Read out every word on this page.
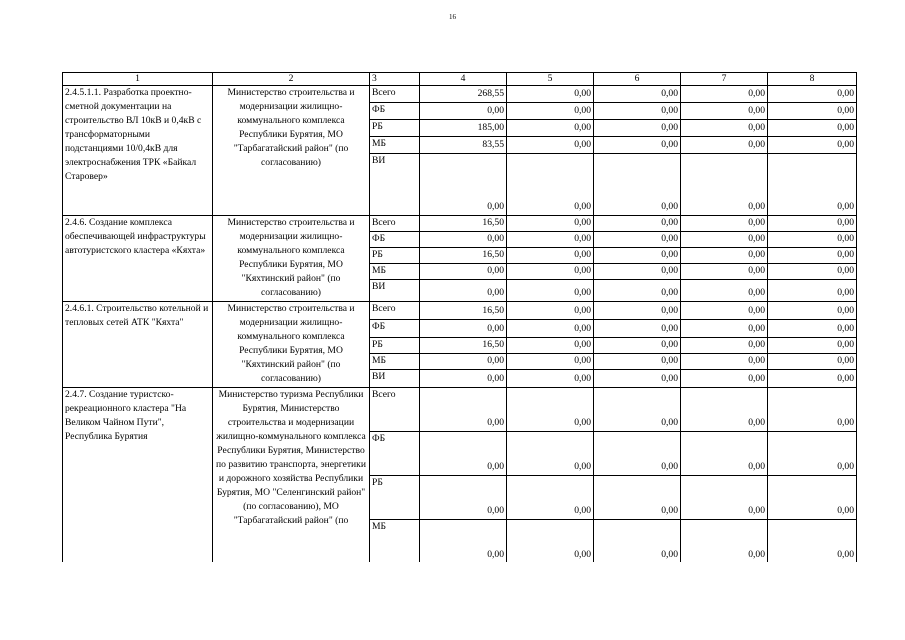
16
1	2	3	4	5	6	7	8
2.4.5.1.1. Разработка проектно-сметной документации на строительство ВЛ 10кВ и 0,4кВ с трансформаторными подстанциями 10/0,4кВ для электроснабжения ТРК «Байкал Старовер»	Министерство строительства и модернизации жилищно-коммунального комплекса Республики Бурятия, МО "Тарбагатайский район" (по согласованию)	Всего	268,55	0,00	0,00	0,00	0,00
		ФБ	0,00	0,00	0,00	0,00	0,00
		РБ	185,00	0,00	0,00	0,00	0,00
		МБ	83,55	0,00	0,00	0,00	0,00
		ВИ	0,00	0,00	0,00	0,00	0,00
2.4.6. Создание комплекса обеспечивающей инфраструктуры автотуристского кластера «Кяхта»	Министерство строительства и модернизации жилищно-коммунального комплекса Республики Бурятия, МО "Кяхтинский район" (по согласованию)	Всего	16,50	0,00	0,00	0,00	0,00
		ФБ	0,00	0,00	0,00	0,00	0,00
		РБ	16,50	0,00	0,00	0,00	0,00
		МБ	0,00	0,00	0,00	0,00	0,00
		ВИ	0,00	0,00	0,00	0,00	0,00
2.4.6.1. Строительство котельной и тепловых сетей АТК "Кяхта"	Министерство строительства и модернизации жилищно-коммунального комплекса Республики Бурятия, МО "Кяхтинский район" (по согласованию)	Всего	16,50	0,00	0,00	0,00	0,00
		ФБ	0,00	0,00	0,00	0,00	0,00
		РБ	16,50	0,00	0,00	0,00	0,00
		МБ	0,00	0,00	0,00	0,00	0,00
		ВИ	0,00	0,00	0,00	0,00	0,00
2.4.7. Создание туристско-рекреационного кластера "На Великом Чайном Пути", Республика Бурятия	Министерство туризма Республики Бурятия, Министерство строительства и модернизации жилищно-коммунального комплекса Республики Бурятия, Министерство по развитию транспорта, энергетики и дорожного хозяйства Республики Бурятия, МО "Селенгинский район" (по согласованию), МО "Тарбагатайский район" (по	Всего	0,00	0,00	0,00	0,00	0,00
		ФБ	0,00	0,00	0,00	0,00	0,00
		РБ	0,00	0,00	0,00	0,00	0,00
		МБ	0,00	0,00	0,00	0,00	0,00
